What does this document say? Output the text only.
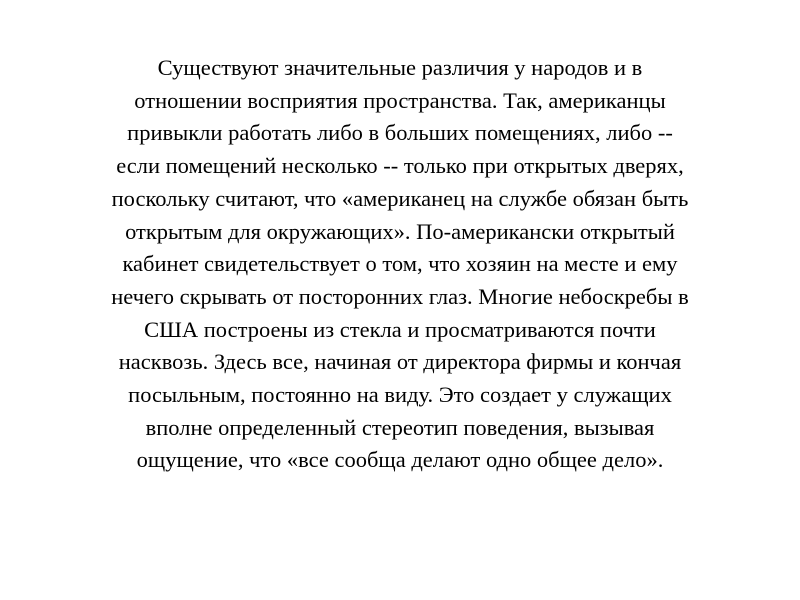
Существуют значительные различия у народов и в
отношении восприятия пространства. Так, американцы
привыкли работать либо в больших помещениях, либо --
если помещений несколько -- только при открытых дверях,
поскольку считают, что «американец на службе обязан быть
открытым для окружающих». По-американски открытый
кабинет свидетельствует о том, что хозяин на месте и ему
нечего скрывать от посторонних глаз. Многие небоскребы в
США построены из стекла и просматриваются почти
насквозь. Здесь все, начиная от директора фирмы и кончая
посыльным, постоянно на виду. Это создает у служащих
вполне определенный стереотип поведения, вызывая
ощущение, что «все сообща делают одно общее дело».
